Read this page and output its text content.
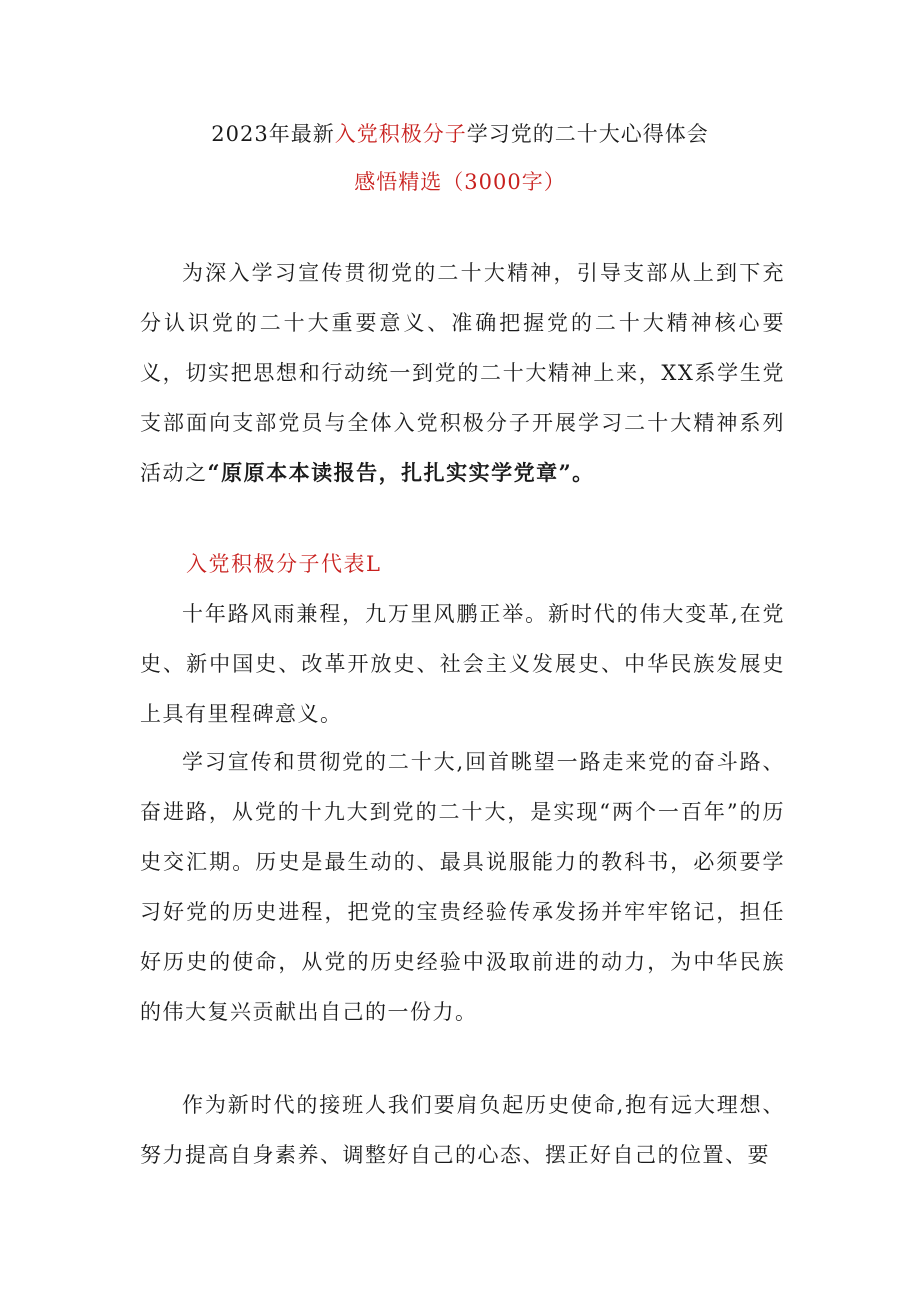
2023年最新入党积极分子学习党的二十大心得体会
感悟精选（3000字）
为深入学习宣传贯彻党的二十大精神，引导支部从上到下充分认识党的二十大重要意义、准确把握党的二十大精神核心要义，切实把思想和行动统一到党的二十大精神上来，XX系学生党支部面向支部党员与全体入党积极分子开展学习二十大精神系列活动之“原原本本读报告，扎扎实实学党章”。
入党积极分子代表L
十年路风雨兼程，九万里风鹏正举。新时代的伟大变革,在党史、新中国史、改革开放史、社会主义发展史、中华民族发展史上具有里程碑意义。
学习宣传和贯彻党的二十大,回首眺望一路走来党的奋斗路、奋进路，从党的十九大到党的二十大，是实现“两个一百年”的历史交汇期。历史是最生动的、最具说服能力的教科书，必须要学习好党的历史进程，把党的宝贵经验传承发扬并牢牢铭记，担任好历史的使命，从党的历史经验中汲取前进的动力，为中华民族的伟大复兴贡献出自己的一份力。
作为新时代的接班人我们要肩负起历史使命,抱有远大理想、努力提高自身素养、调整好自己的心态、摆正好自己的位置、要
